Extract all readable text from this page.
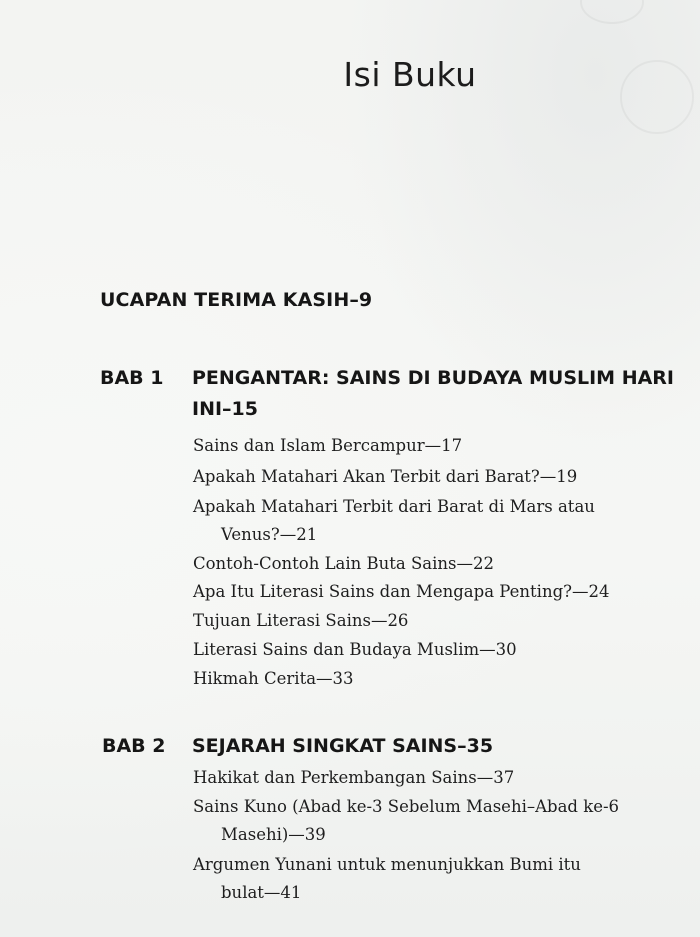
Isi Buku
UCAPAN TERIMA KASIH–9
BAB 1 PENGANTAR: SAINS DI BUDAYA MUSLIM HARI INI–15
Sains dan Islam Bercampur—17
Apakah Matahari Akan Terbit dari Barat?—19
Apakah Matahari Terbit dari Barat di Mars atau
Venus?—21
Contoh-Contoh Lain Buta Sains—22
Apa Itu Literasi Sains dan Mengapa Penting?—24
Tujuan Literasi Sains—26
Literasi Sains dan Budaya Muslim—30
Hikmah Cerita—33
BAB 2 SEJARAH SINGKAT SAINS–35
Hakikat dan Perkembangan Sains—37
Sains Kuno (Abad ke-3 Sebelum Masehi–Abad ke-6
Masehi)—39
Argumen Yunani untuk menunjukkan Bumi itu
bulat—41
